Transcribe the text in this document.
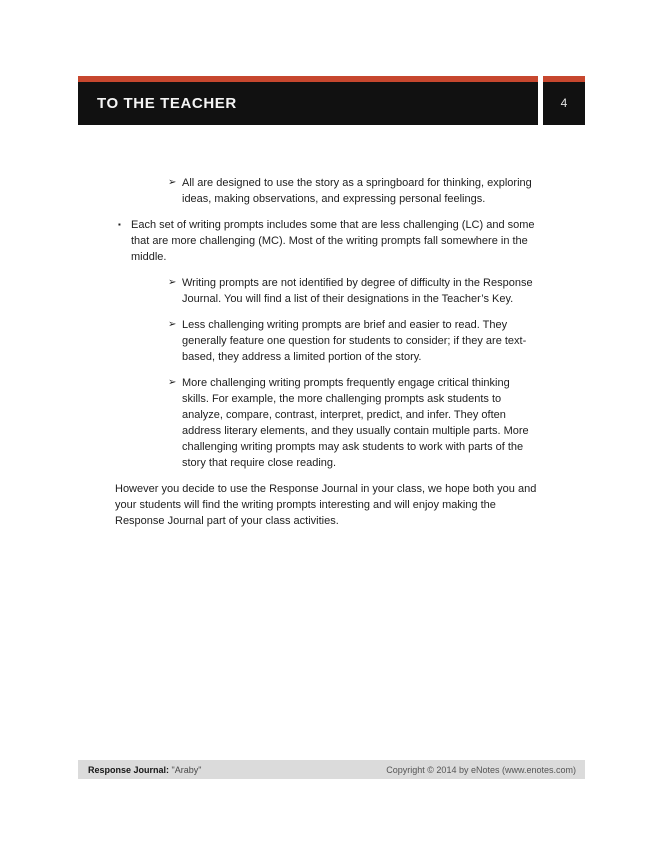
TO THE TEACHER	4
➢ All are designed to use the story as a springboard for thinking, exploring ideas, making observations, and expressing personal feelings.
▪ Each set of writing prompts includes some that are less challenging (LC) and some that are more challenging (MC). Most of the writing prompts fall somewhere in the middle.
➢ Writing prompts are not identified by degree of difficulty in the Response Journal. You will find a list of their designations in the Teacher’s Key.
➢ Less challenging writing prompts are brief and easier to read. They generally feature one question for students to consider; if they are text-based, they address a limited portion of the story.
➢ More challenging writing prompts frequently engage critical thinking skills. For example, the more challenging prompts ask students to analyze, compare, contrast, interpret, predict, and infer. They often address literary elements, and they usually contain multiple parts. More challenging writing prompts may ask students to work with parts of the story that require close reading.
However you decide to use the Response Journal in your class, we hope both you and your students will find the writing prompts interesting and will enjoy making the Response Journal part of your class activities.
Response Journal: "Araby"	Copyright © 2014 by eNotes (www.enotes.com)
